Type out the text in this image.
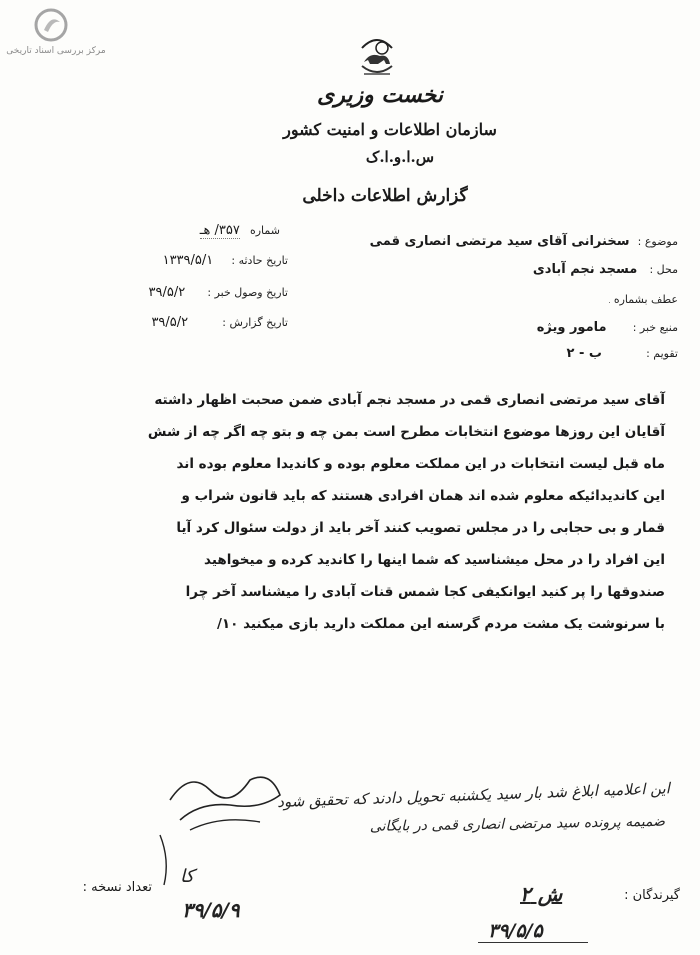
مرکز بررسی اسناد تاریخی
نخست وزیری
سازمان اطلاعات و امنیت کشور
س.ا.و.ا.ک
گزارش اطلاعات داخلی
شماره ۳۵۷/ هـ
تاریخ حادثه : ۱۳۳۹/۵/۱
تاریخ وصول خبر : ۳۹/۵/۲
تاریخ گزارش : ۳۹/۵/۲
موضوع : سخنرانی آقای سید مرتضی انصاری قمی
محل : مسجد نجم آبادی
عطف بشماره
منبع خبر : مامور ویژه
تقویم : ب - ۲
آقای سید مرتضی انصاری قمی در مسجد نجم آبادی ضمن صحبت اظهار داشته
آقایان این روزها موضوع انتخابات مطرح است بمن چه و بتو چه اگر چه از شش
ماه قبل لیست انتخابات در این مملکت معلوم بوده و کاندیدا معلوم بوده اند
این کاندیدائیکه معلوم شده اند همان افرادی هستند که باید قانون شراب و
قمار و بی حجابی را در مجلس تصویب کنند آخر باید از دولت سئوال کرد آیا
این افراد را در محل میشناسید که شما اینها را کاندید کرده و میخواهید
صندوقها را پر کنید ایوانکیفی کجا شمس قنات آبادی را میشناسد آخر چرا
با سرنوشت یک مشت مردم گرسنه این مملکت دارید بازی میکنید ۱۰/
این اعلامیه ابلاغ شد بار سید یکشنبه تحویل دادند که تحقیق شود
ضمیمه پرونده سید مرتضی انصاری قمی در بایگانی
کا
۳۹/۵/۹
گیرندگان :
ش ۲
۳۹/۵/۵
تعداد نسخه :
